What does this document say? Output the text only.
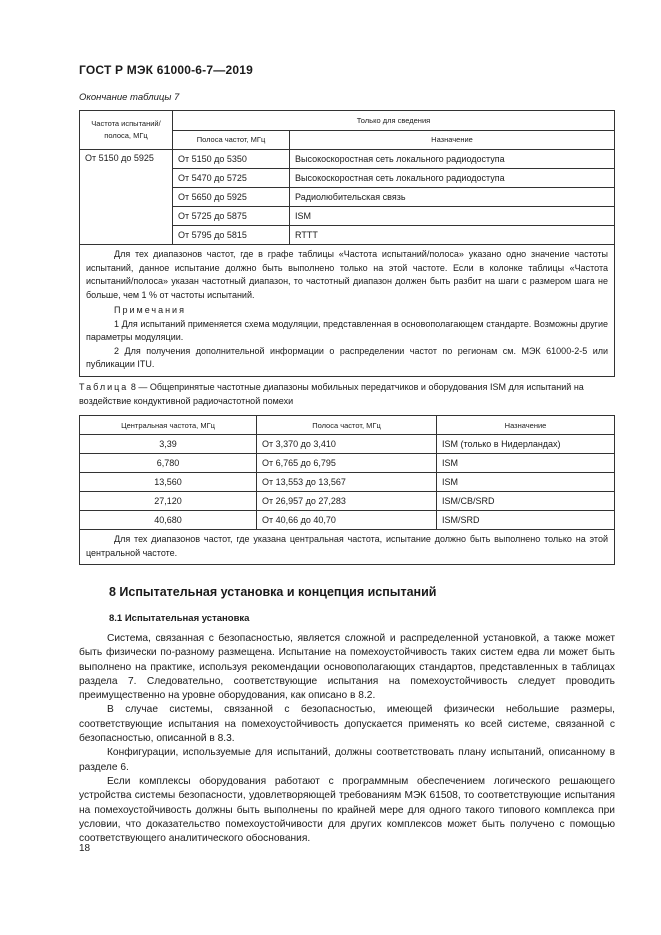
ГОСТ Р МЭК 61000-6-7—2019
Окончание таблицы 7
Частота испытаний/ полоса, МГц	Только для сведения	
	Полоса частот, МГц	Назначение
От 5150 до 5925	От 5150 до 5350	Высокоскоростная сеть локального радиодоступа
	От 5470 до 5725	Высокоскоростная сеть локального радиодоступа
	От 5650 до 5925	Радиолюбительская связь
	От 5725 до 5875	ISM
	От 5795 до 5815	RTTT

Для тех диапазонов частот, где в графе таблицы «Частота испытаний/полоса» указано одно значение частоты испытаний, данное испытание должно быть выполнено только на этой частоте. Если в колонке таблицы «Частота испытаний/полоса» указан частотный диапазон, то частотный диапазон должен быть разбит на шаги с размером шага не больше, чем 1 % от частоты испытаний.

Примечания

1 Для испытаний применяется схема модуляции, представленная в основополагающем стандарте. Возможны другие параметры модуляции.

2 Для получения дополнительной информации о распределении частот по регионам см. МЭК 61000-2-5 или публикации ITU.		

Таблица 8 — Общепринятые частотные диапазоны мобильных передатчиков и оборудования ISM для испытаний на воздействие кондуктивной радиочастотной помехи
Центральная частота, МГц	Полоса частот, МГц	Назначение
3,39	От 3,370 до 3,410	ISM (только в Нидерландах)
6,780	От 6,765 до 6,795	ISM
13,560	От 13,553 до 13,567	ISM
27,120	От 26,957 до 27,283	ISM/CB/SRD
40,680	От 40,66 до 40,70	ISM/SRD

Для тех диапазонов частот, где указана центральная частота, испытание должно быть выполнено только на этой центральной частоте.		

8 Испытательная установка и концепция испытаний
8.1 Испытательная установка

Система, связанная с безопасностью, является сложной и распределенной установкой, а также может быть физически по-разному размещена. Испытание на помехоустойчивость таких систем едва ли может быть выполнено на практике, используя рекомендации основополагающих стандартов, представленных в таблицах раздела 7. Следовательно, соответствующие испытания на помехоустойчивость следует проводить преимущественно на уровне оборудования, как описано в 8.2.

В случае системы, связанной с безопасностью, имеющей физически небольшие размеры, соответствующие испытания на помехоустойчивость допускается применять ко всей системе, связанной с безопасностью, описанной в 8.3.

Конфигурации, используемые для испытаний, должны соответствовать плану испытаний, описанному в разделе 6.

Если комплексы оборудования работают с программным обеспечением логического решающего устройства системы безопасности, удовлетворяющей требованиям МЭК 61508, то соответствующие испытания на помехоустойчивость должны быть выполнены по крайней мере для одного такого типового комплекса при условии, что доказательство помехоустойчивости для других комплексов может быть получено с помощью соответствующего аналитического обоснования.

18
